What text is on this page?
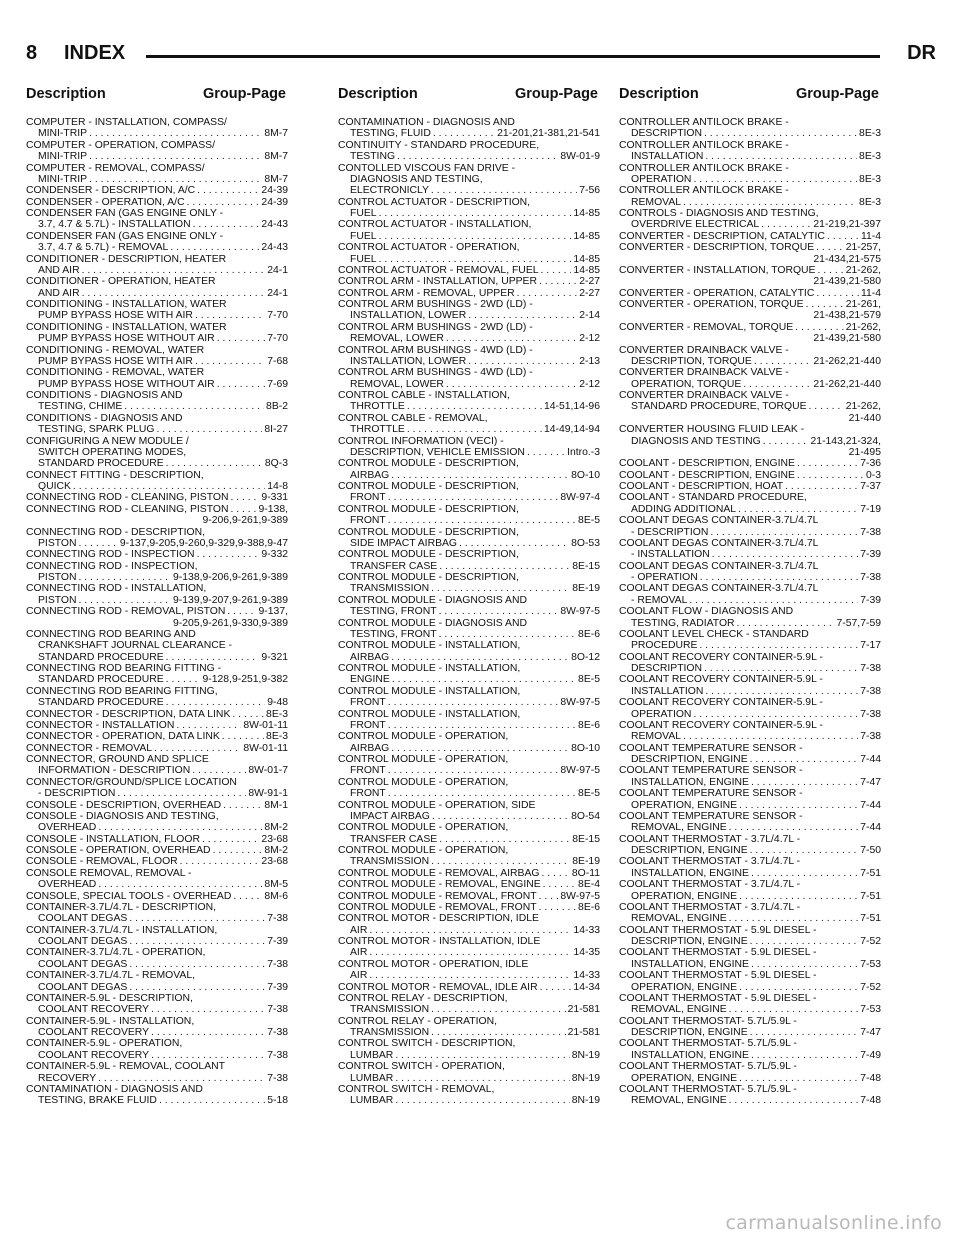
8 INDEX	DR
Description	Group-Page	Description	Group-Page Description	Group-Page
COMPUTER - INSTALLATION, COMPASS/
MINI-TRIP . . .	8M-7
COMPUTER - OPERATION, COMPASS/
MINI-TRIP . . .	8M-7
COMPUTER - REMOVAL, COMPASS/
MINI-TRIP . . .	8M-7
CONDENSER - DESCRIPTION, A/C . . .	24-39
CONDENSER - OPERATION, A/C . . .	24-39
CONDENSER FAN (GAS ENGINE ONLY -
3.7, 4.7 & 5.7L) - INSTALLATION . . .	24-43
CONDENSER FAN (GAS ENGINE ONLY -
3.7, 4.7 & 5.7L) - REMOVAL . . .	24-43
CONDITIONER - DESCRIPTION, HEATER
AND AIR . . .	24-1
CONDITIONER - OPERATION, HEATER
AND AIR . . .	24-1
CONDITIONING - INSTALLATION, WATER
PUMP BYPASS HOSE WITH AIR . . .	7-70
CONDITIONING - INSTALLATION, WATER
PUMP BYPASS HOSE WITHOUT AIR . . .	7-70
CONDITIONING - REMOVAL, WATER
PUMP BYPASS HOSE WITH AIR . . .	7-68
CONDITIONING - REMOVAL, WATER
PUMP BYPASS HOSE WITHOUT AIR . . .	7-69
CONDITIONS - DIAGNOSIS AND
TESTING, CHIME . . .	8B-2
CONDITIONS - DIAGNOSIS AND
TESTING, SPARK PLUG . . .	8I-27
CONFIGURING A NEW MODULE /
SWITCH OPERATING MODES,
STANDARD PROCEDURE . . .	8Q-3
CONNECT FITTING - DESCRIPTION,
QUICK . . .	14-8
CONNECTING ROD - CLEANING, PISTON . . .	9-331
CONNECTING ROD - CLEANING, PISTON . . .	9-138,
9-206,9-261,9-389
CONNECTING ROD - DESCRIPTION,
PISTON . . .	9-137,9-205,9-260,9-329,9-388,9-47
CONNECTING ROD - INSPECTION . . .	9-332
CONNECTING ROD - INSPECTION,
PISTON . . .	9-138,9-206,9-261,9-389
CONNECTING ROD - INSTALLATION,
PISTON . . .	9-139,9-207,9-261,9-389
CONNECTING ROD - REMOVAL, PISTON . . .	9-137,
9-205,9-261,9-330,9-389
CONNECTING ROD BEARING AND
CRANKSHAFT JOURNAL CLEARANCE -
STANDARD PROCEDURE . . .	9-321
CONNECTING ROD BEARING FITTING -
STANDARD PROCEDURE . . .	9-128,9-251,9-382
CONNECTING ROD BEARING FITTING,
STANDARD PROCEDURE . . .	9-48
CONNECTOR - DESCRIPTION, DATA LINK . . .	8E-3
CONNECTOR - INSTALLATION . . .	8W-01-11
CONNECTOR - OPERATION, DATA LINK . . .	8E-3
CONNECTOR - REMOVAL . . .	8W-01-11
CONNECTOR, GROUND AND SPLICE
INFORMATION - DESCRIPTION . . .	8W-01-7
CONNECTOR/GROUND/SPLICE LOCATION
- DESCRIPTION . . .	8W-91-1
CONSOLE - DESCRIPTION, OVERHEAD . . .	8M-1
CONSOLE - DIAGNOSIS AND TESTING,
OVERHEAD . . .	8M-2
CONSOLE - INSTALLATION, FLOOR . . .	23-68
CONSOLE - OPERATION, OVERHEAD . . .	8M-2
CONSOLE - REMOVAL, FLOOR . . .	23-68
CONSOLE REMOVAL, REMOVAL -
OVERHEAD . . .	8M-5
CONSOLE, SPECIAL TOOLS - OVERHEAD . . .	8M-6
CONTAINER-3.7L/4.7L - DESCRIPTION,
COOLANT DEGAS . . .	7-38
CONTAINER-3.7L/4.7L - INSTALLATION,
COOLANT DEGAS . . .	7-39
CONTAINER-3.7L/4.7L - OPERATION,
COOLANT DEGAS . . .	7-38
CONTAINER-3.7L/4.7L - REMOVAL,
COOLANT DEGAS . . .	7-39
CONTAINER-5.9L - DESCRIPTION,
COOLANT RECOVERY . . .	7-38
CONTAINER-5.9L - INSTALLATION,
COOLANT RECOVERY . . .	7-38
CONTAINER-5.9L - OPERATION,
COOLANT RECOVERY . . .	7-38
CONTAINER-5.9L - REMOVAL, COOLANT
RECOVERY . . .	7-38
CONTAMINATION - DIAGNOSIS AND
TESTING, BRAKE FLUID . . .	5-18
CONTAMINATION - DIAGNOSIS AND
TESTING, FLUID . . .	21-201,21-381,21-541
CONTINUITY - STANDARD PROCEDURE,
TESTING . . .	8W-01-9
CONTOLLED VISCOUS FAN DRIVE -
DIAGNOSIS AND TESTING,
ELECTRONICLY . . .	7-56
CONTROL ACTUATOR - DESCRIPTION,
FUEL . . .	14-85
CONTROL ACTUATOR - INSTALLATION,
FUEL . . .	14-85
CONTROL ACTUATOR - OPERATION,
FUEL . . .	14-85
CONTROL ACTUATOR - REMOVAL, FUEL . . .	14-85
CONTROL ARM - INSTALLATION, UPPER . . .	2-27
CONTROL ARM - REMOVAL, UPPER . . .	2-27
CONTROL ARM BUSHINGS - 2WD (LD) -
INSTALLATION, LOWER . . .	2-14
CONTROL ARM BUSHINGS - 2WD (LD) -
REMOVAL, LOWER . . .	2-12
CONTROL ARM BUSHINGS - 4WD (LD) -
INSTALLATION, LOWER . . .	2-13
CONTROL ARM BUSHINGS - 4WD (LD) -
REMOVAL, LOWER . . .	2-12
CONTROL CABLE - INSTALLATION,
THROTTLE . . .	14-51,14-96
CONTROL CABLE - REMOVAL,
THROTTLE . . .	14-49,14-94
CONTROL INFORMATION (VECI) -
DESCRIPTION, VEHICLE EMISSION . . .	Intro.-3
CONTROL MODULE - DESCRIPTION,
AIRBAG . . .	8O-10
CONTROL MODULE - DESCRIPTION,
FRONT . . .	8W-97-4
CONTROL MODULE - DESCRIPTION,
FRONT . . .	8E-5
CONTROL MODULE - DESCRIPTION,
SIDE IMPACT AIRBAG . . .	8O-53
CONTROL MODULE - DESCRIPTION,
TRANSFER CASE . . .	8E-15
CONTROL MODULE - DESCRIPTION,
TRANSMISSION . . .	8E-19
CONTROL MODULE - DIAGNOSIS AND
TESTING, FRONT . . .	8W-97-5
CONTROL MODULE - DIAGNOSIS AND
TESTING, FRONT . . .	8E-6
CONTROL MODULE - INSTALLATION,
AIRBAG . . .	8O-12
CONTROL MODULE - INSTALLATION,
ENGINE . . .	8E-5
CONTROL MODULE - INSTALLATION,
FRONT . . .	8W-97-5
CONTROL MODULE - INSTALLATION,
FRONT . . .	8E-6
CONTROL MODULE - OPERATION,
AIRBAG . . .	8O-10
CONTROL MODULE - OPERATION,
FRONT . . .	8W-97-5
CONTROL MODULE - OPERATION,
FRONT . . .	8E-5
CONTROL MODULE - OPERATION, SIDE
IMPACT AIRBAG . . .	8O-54
CONTROL MODULE - OPERATION,
TRANSFER CASE . . .	8E-15
CONTROL MODULE - OPERATION,
TRANSMISSION . . .	8E-19
CONTROL MODULE - REMOVAL, AIRBAG . . .	8O-11
CONTROL MODULE - REMOVAL, ENGINE . . .	8E-4
CONTROL MODULE - REMOVAL, FRONT . . . 8W-97-5
CONTROL MODULE - REMOVAL, FRONT . . .	8E-6
CONTROL MOTOR - DESCRIPTION, IDLE
AIR . . .	14-33
CONTROL MOTOR - INSTALLATION, IDLE
AIR . . .	14-35
CONTROL MOTOR - OPERATION, IDLE
AIR . . .	14-33
CONTROL MOTOR - REMOVAL, IDLE AIR . . .	14-34
CONTROL RELAY - DESCRIPTION,
TRANSMISSION . . .	21-581
CONTROL RELAY - OPERATION,
TRANSMISSION . . .	21-581
CONTROL SWITCH - DESCRIPTION,
LUMBAR . . .	8N-19
CONTROL SWITCH - OPERATION,
LUMBAR . . .	8N-19
CONTROL SWITCH - REMOVAL,
LUMBAR . . .	8N-19
CONTROLLER ANTILOCK BRAKE -
DESCRIPTION . . .	8E-3
CONTROLLER ANTILOCK BRAKE -
INSTALLATION . . .	8E-3
CONTROLLER ANTILOCK BRAKE -
OPERATION . . .	8E-3
CONTROLLER ANTILOCK BRAKE -
REMOVAL . . .	8E-3
CONTROLS - DIAGNOSIS AND TESTING,
OVERDRIVE ELECTRICAL . . .	21-219,21-397
CONVERTER - DESCRIPTION, CATALYTIC . . .	11-4
CONVERTER - DESCRIPTION, TORQUE . . .	21-257,
21-434,21-575
CONVERTER - INSTALLATION, TORQUE . . .	21-262,
21-439,21-580
CONVERTER - OPERATION, CATALYTIC . . .	11-4
CONVERTER - OPERATION, TORQUE . . .	21-261,
21-438,21-579
CONVERTER - REMOVAL, TORQUE . . .	21-262,
21-439,21-580
CONVERTER DRAINBACK VALVE -
DESCRIPTION, TORQUE . . .	21-262,21-440
CONVERTER DRAINBACK VALVE -
OPERATION, TORQUE . . .	21-262,21-440
CONVERTER DRAINBACK VALVE -
STANDARD PROCEDURE, TORQUE . . .	21-262,
21-440
CONVERTER HOUSING FLUID LEAK -
DIAGNOSIS AND TESTING . . .	21-143,21-324,
21-495
COOLANT - DESCRIPTION, ENGINE . . .	7-36
COOLANT - DESCRIPTION, ENGINE . . .	0-3
COOLANT - DESCRIPTION, HOAT . . .	7-37
COOLANT - STANDARD PROCEDURE,
ADDING ADDITIONAL . . .	7-19
COOLANT DEGAS CONTAINER-3.7L/4.7L
- DESCRIPTION . . .	7-38
COOLANT DEGAS CONTAINER-3.7L/4.7L
- INSTALLATION . . .	7-39
COOLANT DEGAS CONTAINER-3.7L/4.7L
- OPERATION . . .	7-38
COOLANT DEGAS CONTAINER-3.7L/4.7L
- REMOVAL . . .	7-39
COOLANT FLOW - DIAGNOSIS AND
TESTING, RADIATOR . . .	7-57,7-59
COOLANT LEVEL CHECK - STANDARD
PROCEDURE . . .	7-17
COOLANT RECOVERY CONTAINER-5.9L -
DESCRIPTION . . .	7-38
COOLANT RECOVERY CONTAINER-5.9L -
INSTALLATION . . .	7-38
COOLANT RECOVERY CONTAINER-5.9L -
OPERATION . . .	7-38
COOLANT RECOVERY CONTAINER-5.9L -
REMOVAL . . .	7-38
COOLANT TEMPERATURE SENSOR -
DESCRIPTION, ENGINE . . .	7-44
COOLANT TEMPERATURE SENSOR -
INSTALLATION, ENGINE . . .	7-47
COOLANT TEMPERATURE SENSOR -
OPERATION, ENGINE . . .	7-44
COOLANT TEMPERATURE SENSOR -
REMOVAL, ENGINE . . .	7-44
COOLANT THERMOSTAT - 3.7L/4.7L -
DESCRIPTION, ENGINE . . .	7-50
COOLANT THERMOSTAT - 3.7L/4.7L -
INSTALLATION, ENGINE . . .	7-51
COOLANT THERMOSTAT - 3.7L/4.7L -
OPERATION, ENGINE . . .	7-51
COOLANT THERMOSTAT - 3.7L/4.7L -
REMOVAL, ENGINE . . .	7-51
COOLANT THERMOSTAT - 5.9L DIESEL -
DESCRIPTION, ENGINE . . .	7-52
COOLANT THERMOSTAT - 5.9L DIESEL -
INSTALLATION, ENGINE . . .	7-53
COOLANT THERMOSTAT - 5.9L DIESEL -
OPERATION, ENGINE . . .	7-52
COOLANT THERMOSTAT - 5.9L DIESEL -
REMOVAL, ENGINE . . .	7-53
COOLANT THERMOSTAT- 5.7L/5.9L -
DESCRIPTION, ENGINE . . .	7-47
COOLANT THERMOSTAT- 5.7L/5.9L -
INSTALLATION, ENGINE . . .	7-49
COOLANT THERMOSTAT- 5.7L/5.9L -
OPERATION, ENGINE . . .	7-48
COOLANT THERMOSTAT- 5.7L/5.9L -
REMOVAL, ENGINE . . .	7-48
carmanualsonline.info
